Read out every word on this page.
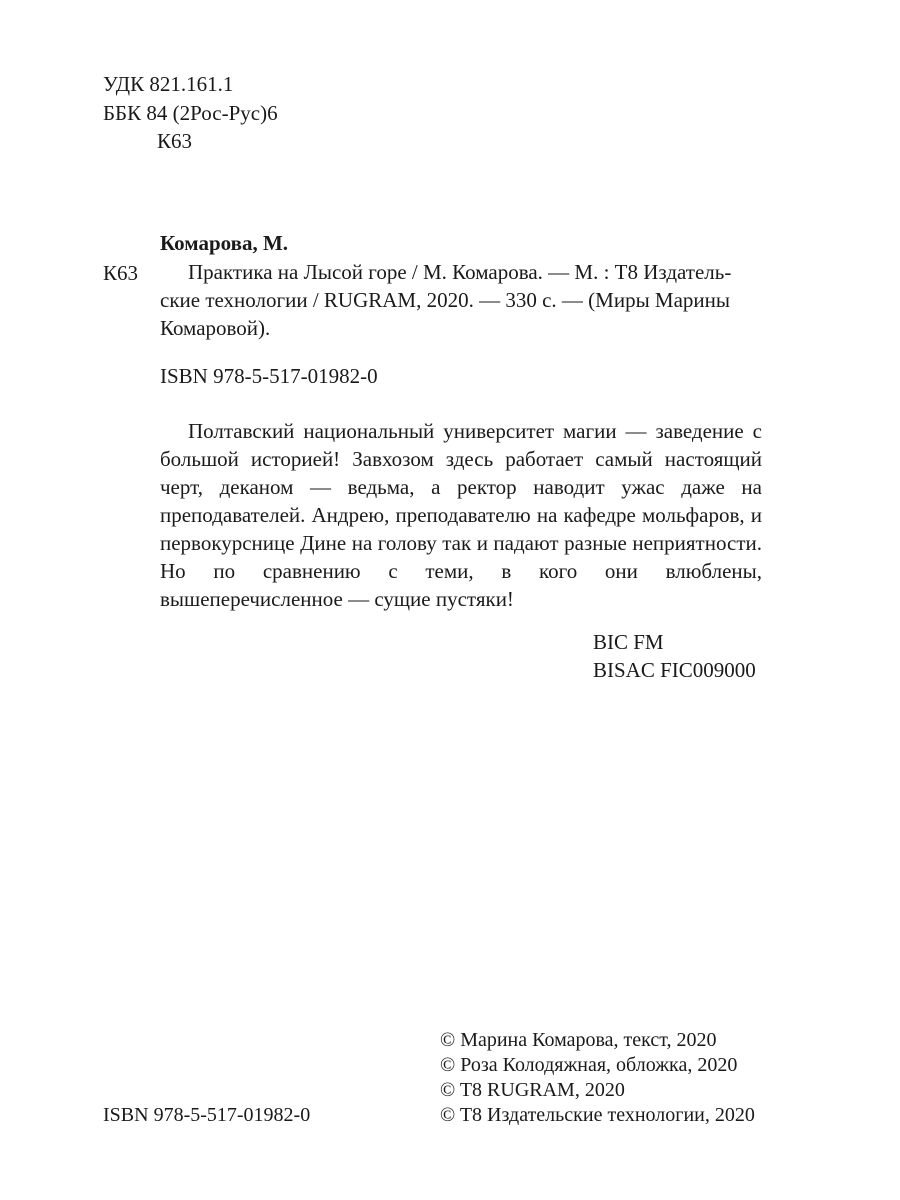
УДК 821.161.1
ББК 84 (2Рос-Рус)6
К63
Комарова, М.
К63	Практика на Лысой горе / М. Комарова. — М. : Т8 Издатель-
ские технологии / RUGRAM, 2020. — 330 с. — (Миры Марины
Комаровой).
ISBN 978-5-517-01982-0
Полтавский национальный университет магии — заведение с большой историей! Завхозом здесь работает самый настоящий черт, деканом — ведьма, а ректор наводит ужас даже на преподавателей. Андрею, преподавателю на кафедре мольфаров, и первокурснице Дине на голову так и падают разные неприятности. Но по сравнению с теми, в кого они влюблены, вышеперечисленное — сущие пустяки!
BIC FM
BISAC FIC009000
ISBN 978-5-517-01982-0
© Марина Комарова, текст, 2020
© Роза Колодяжная, обложка, 2020
© T8 RUGRAM, 2020
© T8 Издательские технологии, 2020
